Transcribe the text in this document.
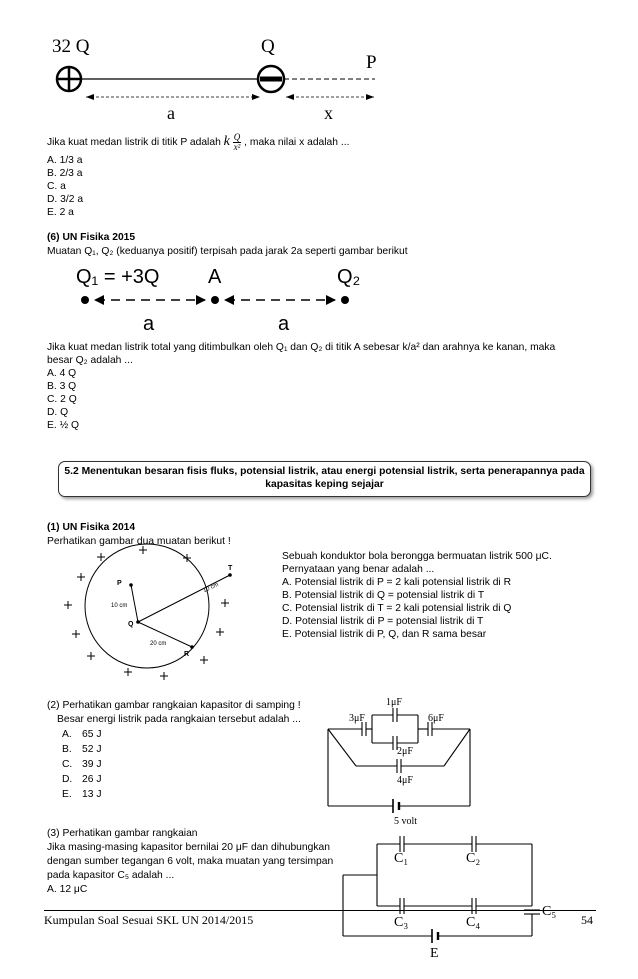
32 Q	Q
P
a	x
Jika kuat medan listrik di titik P adalah k $\frac{Q}{\text{x²}}$ , maka nilai x adalah ...
A. 1/3 a
B. 2/3 a
C. a
D. 3/2 a
E. 2 a
(6) UN Fisika 2015
Muatan Q₁, Q₂ (keduanya positif) terpisah pada jarak 2a seperti gambar berikut
Q₁ = +3Q A	Q₂
a	a
Jika kuat medan listrik total yang ditimbulkan oleh Q₁ dan Q₂ di titik A sebesar k/a² dan arahnya ke kanan, maka
besar Q₂ adalah ...
A. 4 Q
B. 3 Q
C. 2 Q
D. Q
E. ½ Q
5.2 Menentukan besaran fisis fluks, potensial listrik, atau energi potensial listrik, serta penerapannya pada
kapasitas keping sejajar
(1) UN Fisika 2014
Perhatikan gambar dua muatan berikut !
P
Q
R
T
10 cm
10 cm
20 cm
Sebuah konduktor bola berongga bermuatan listrik 500 μC.
Pernyataan yang benar adalah ...
A. Potensial listrik di P = 2 kali potensial listrik di R
B. Potensial listrik di Q = potensial listrik di T
C. Potensial listrik di T = 2 kali potensial listrik di Q
D. Potensial listrik di P = potensial listrik di T
E. Potensial listrik di P, Q, dan R sama besar
(2) Perhatikan gambar rangkaian kapasitor di samping !
Besar energi listrik pada rangkaian tersebut adalah ...
A. 65 J
B. 52 J
C. 39 J
D. 26 J
E. 13 J
1μF
3μF	6μF
2μF
4μF
5 volt
(3) Perhatikan gambar rangkaian
Jika masing-masing kapasitor bernilai 20 μF dan dihubungkan
dengan sumber tegangan 6 volt, maka muatan yang tersimpan
pada kapasitor C₅ adalah ...
A. 12 μC
C₁	C₂
C₃	C₄
C₅
E
Kumpulan Soal Sesuai SKL UN 2014/2015	54
